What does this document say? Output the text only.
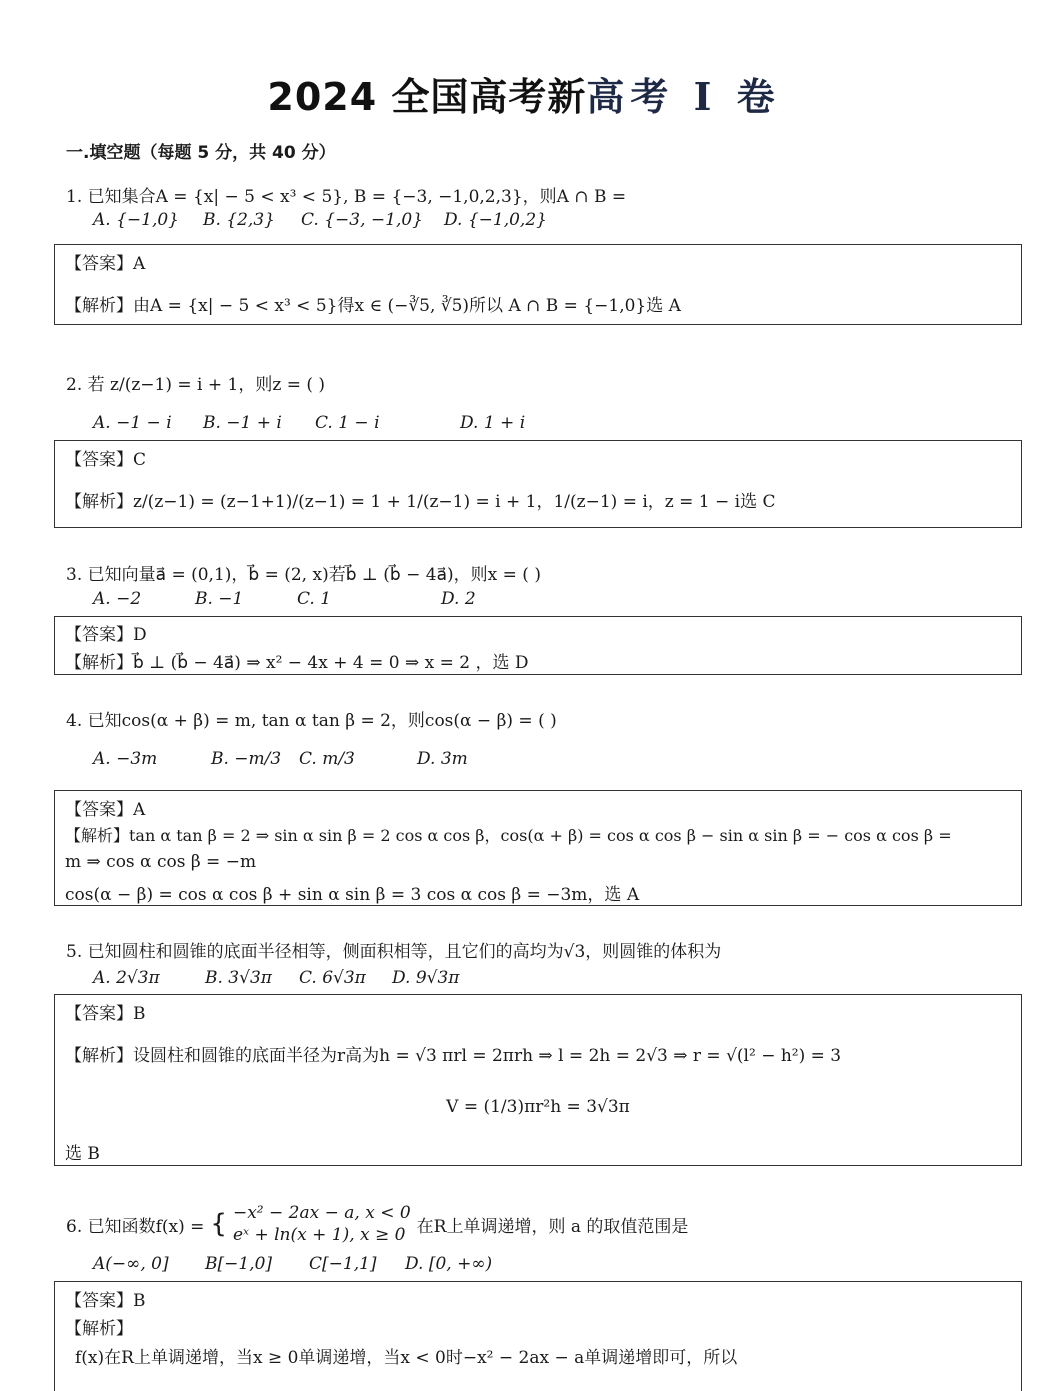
2024 全国高考新高考 I 卷
一.填空题（每题 5 分，共 40 分）
1. 已知集合A = {x| − 5 < x³ < 5}, B = {−3, −1,0,2,3}，则A ∩ B =
A. {−1,0} B. {2,3} C. {−3, −1,0} D. {−1,0,2}
【答案】A
【解析】由A = {x| − 5 < x³ < 5}得x ∈ (−∛5, ∛5)所以 A ∩ B = {−1,0}选 A
2. 若 z/(z−1) = i + 1，则z = ( )
A. −1 − i B. −1 + i C. 1 − i	D. 1 + i
【答案】C
【解析】z/(z−1) = (z−1+1)/(z−1) = 1 + 1/(z−1) = i + 1，1/(z−1) = i，z = 1 − i选 C
3. 已知向量a⃗ = (0,1)，b⃗ = (2, x)若b⃗ ⊥ (b⃗ − 4a⃗)，则x = ( )
A. −2	B. −1	C. 1	D. 2
【答案】D
【解析】b⃗ ⊥ (b⃗ − 4a⃗) ⇒ x² − 4x + 4 = 0 ⇒ x = 2 ，选 D
4. 已知cos(α + β) = m, tan α tan β = 2，则cos(α − β) = ( )
A. −3m	B. −m/3 C. m/3	D. 3m
【答案】A
【解析】tan α tan β = 2 ⇒ sin α sin β = 2 cos α cos β，cos(α + β) = cos α cos β − sin α sin β = − cos α cos β =
m ⇒ cos α cos β = −m
cos(α − β) = cos α cos β + sin α sin β = 3 cos α cos β = −3m，选 A
5. 已知圆柱和圆锥的底面半径相等，侧面积相等，且它们的高均为√3，则圆锥的体积为
A. 2√3π	B. 3√3π C. 6√3π D. 9√3π
【答案】B
【解析】设圆柱和圆锥的底面半径为r高为h = √3 πrl = 2πrh ⇒ l = 2h = 2√3 ⇒ r = √(l² − h²) = 3
V = (1/3)πr²h = 3√3π
选 B
6. 已知函数f(x) = { −x² − 2ax − a, x < 0
eˣ + ln(x + 1), x ≥ 0 在R上单调递增，则 a 的取值范围是
A(−∞, 0] B[−1,0] C[−1,1] D. [0, +∞)
【答案】B
【解析】
f(x)在R上单调递增，当x ≥ 0单调递增，当x < 0时−x² − 2ax − a单调递增即可，所以
